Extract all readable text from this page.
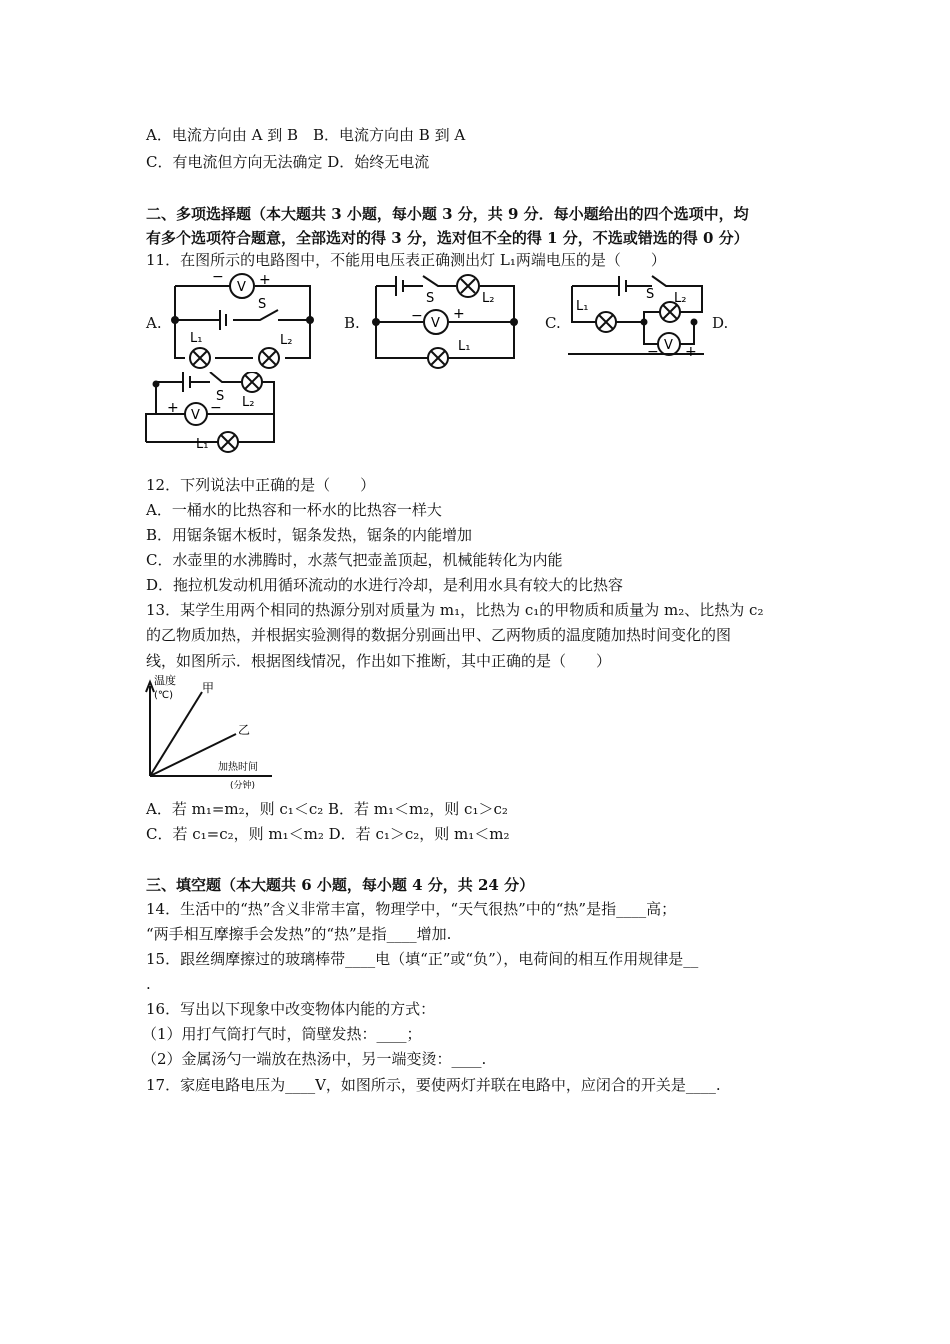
A．电流方向由 A 到 B　B．电流方向由 B 到 A
C．有电流但方向无法确定 D．始终无电流
二、多项选择题（本大题共 3 小题，每小题 3 分，共 9 分．每小题给出的四个选项中，均
有多个选项符合题意，全部选对的得 3 分，选对但不全的得 1 分，不选或错选的得 0 分）
11．在图所示的电路图中，不能用电压表正确测出灯 L₁两端电压的是（　　）
A.	B.	C.	D.
V
−	+
S
L₁	L₂
V
− +
S	L₂
L₁	V
− +
S
L₁
L₂
V
+ −
S L₂
L₁
12．下列说法中正确的是（　　）
A．一桶水的比热容和一杯水的比热容一样大
B．用锯条锯木板时，锯条发热，锯条的内能增加
C．水壶里的水沸腾时，水蒸气把壶盖顶起，机械能转化为内能
D．拖拉机发动机用循环流动的水进行冷却，是利用水具有较大的比热容
13．某学生用两个相同的热源分别对质量为 m₁，比热为 c₁的甲物质和质量为 m₂、比热为 c₂
的乙物质加热，并根据实验测得的数据分别画出甲、乙两物质的温度随加热时间变化的图
线，如图所示．根据图线情况，作出如下推断，其中正确的是（　　）
温度
(℃)
甲
乙
加热时间
(分钟)
A．若 m₁=m₂，则 c₁＜c₂ B．若 m₁＜m₂，则 c₁＞c₂
C．若 c₁=c₂，则 m₁＜m₂ D．若 c₁＞c₂，则 m₁＜m₂
三、填空题（本大题共 6 小题，每小题 4 分，共 24 分）
14．生活中的“热”含义非常丰富，物理学中，“天气很热”中的“热”是指____高；
“两手相互摩擦手会发热”的“热”是指____增加.
15．跟丝绸摩擦过的玻璃棒带____电（填“正”或“负”），电荷间的相互作用规律是__
.
16．写出以下现象中改变物体内能的方式：
（1）用打气筒打气时，筒壁发热：____；
（2）金属汤勺一端放在热汤中，另一端变烫：____.
17．家庭电路电压为____V，如图所示，要使两灯并联在电路中，应闭合的开关是____.
